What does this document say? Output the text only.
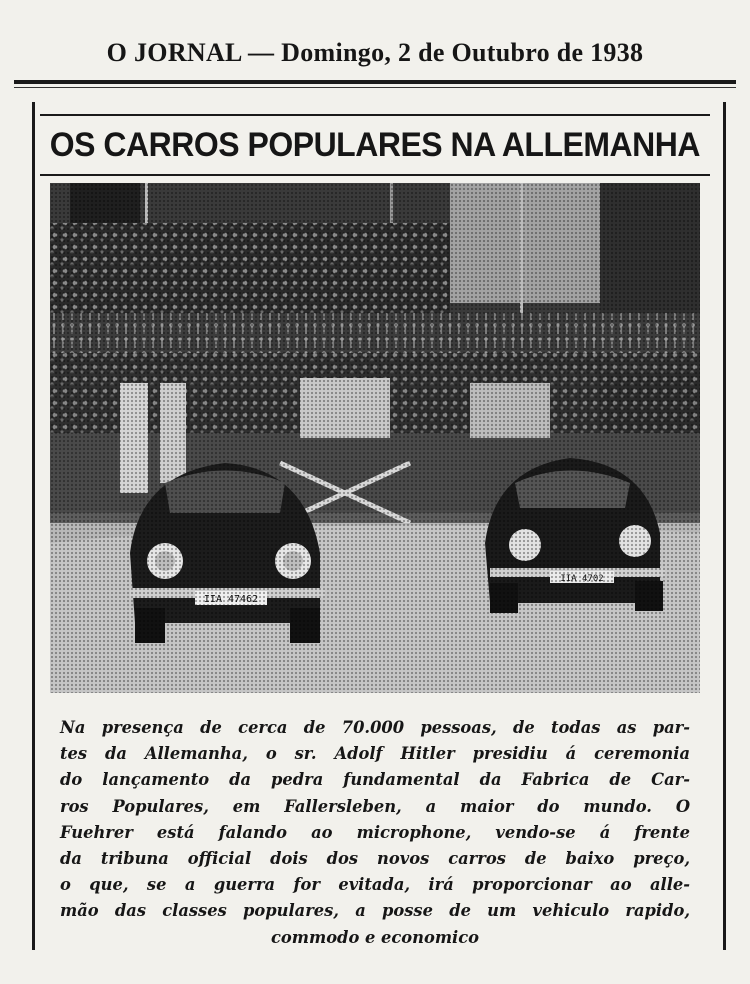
O JORNAL — Domingo, 2 de Outubro de 1938
OS CARROS POPULARES NA ALLEMANHA
Na presença de cerca de 70.000 pessoas, de todas as par-
tes da Allemanha, o sr. Adolf Hitler presidiu á ceremonia
do lançamento da pedra fundamental da Fabrica de Car-
ros Populares, em Fallersleben, a maior do mundo. O
Fuehrer está falando ao microphone, vendo-se á frente
da tribuna official dois dos novos carros de baixo preço,
o que, se a guerra for evitada, irá proporcionar ao alle-
mão das classes populares, a posse de um vehiculo rapido,
commodo e economico
